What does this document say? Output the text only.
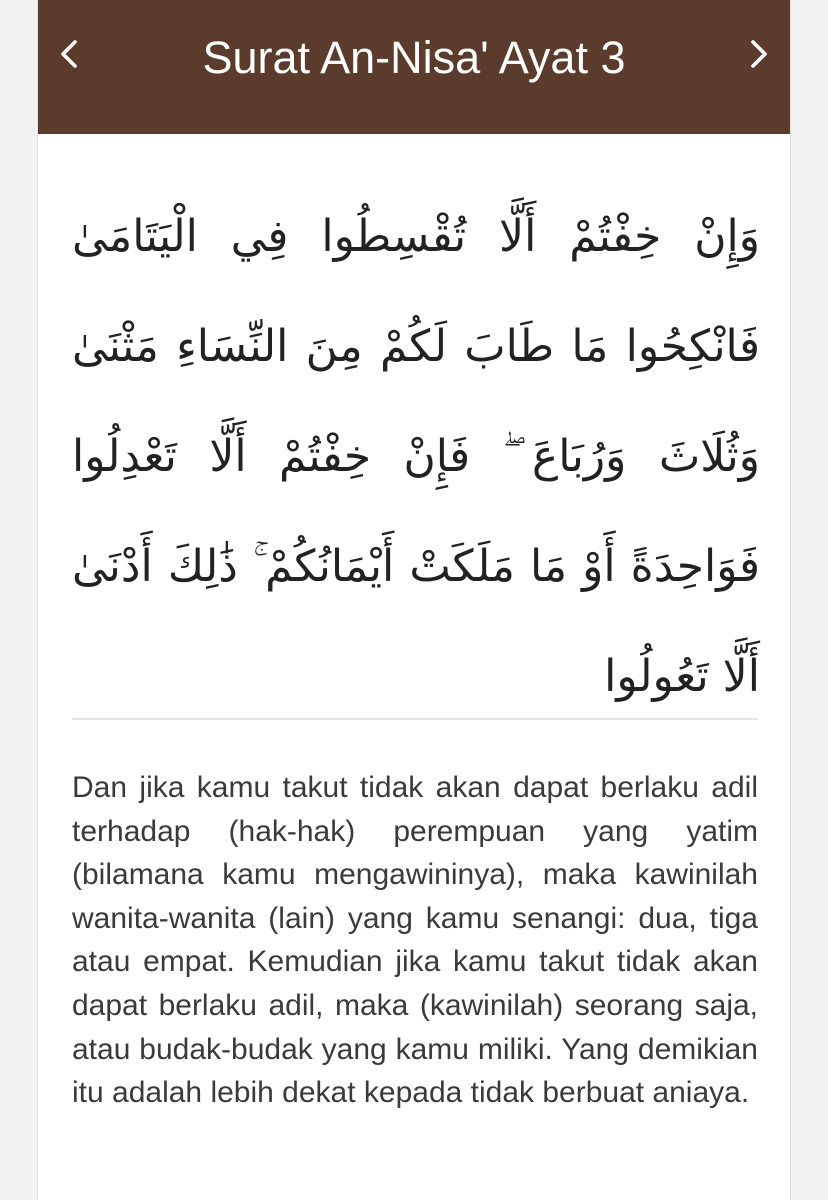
Surat An-Nisa' Ayat 3

وَإِنْ خِفْتُمْ أَلَّا تُقْسِطُوا فِي الْيَتَامَىٰ فَانْكِحُوا مَا طَابَ لَكُمْ مِنَ النِّسَاءِ مَثْنَىٰ وَثُلَاثَ وَرُبَاعَ ۖ فَإِنْ خِفْتُمْ أَلَّا تَعْدِلُوا فَوَاحِدَةً أَوْ مَا مَلَكَتْ أَيْمَانُكُمْ ۚ ذَٰلِكَ أَدْنَىٰ أَلَّا تَعُولُوا

Dan jika kamu takut tidak akan dapat berlaku adil terhadap (hak-hak) perempuan yang yatim (bilamana kamu mengawininya), maka kawinilah wanita-wanita (lain) yang kamu senangi: dua, tiga atau empat. Kemudian jika kamu takut tidak akan dapat berlaku adil, maka (kawinilah) seorang saja, atau budak-budak yang kamu miliki. Yang demikian itu adalah lebih dekat kepada tidak berbuat aniaya.
